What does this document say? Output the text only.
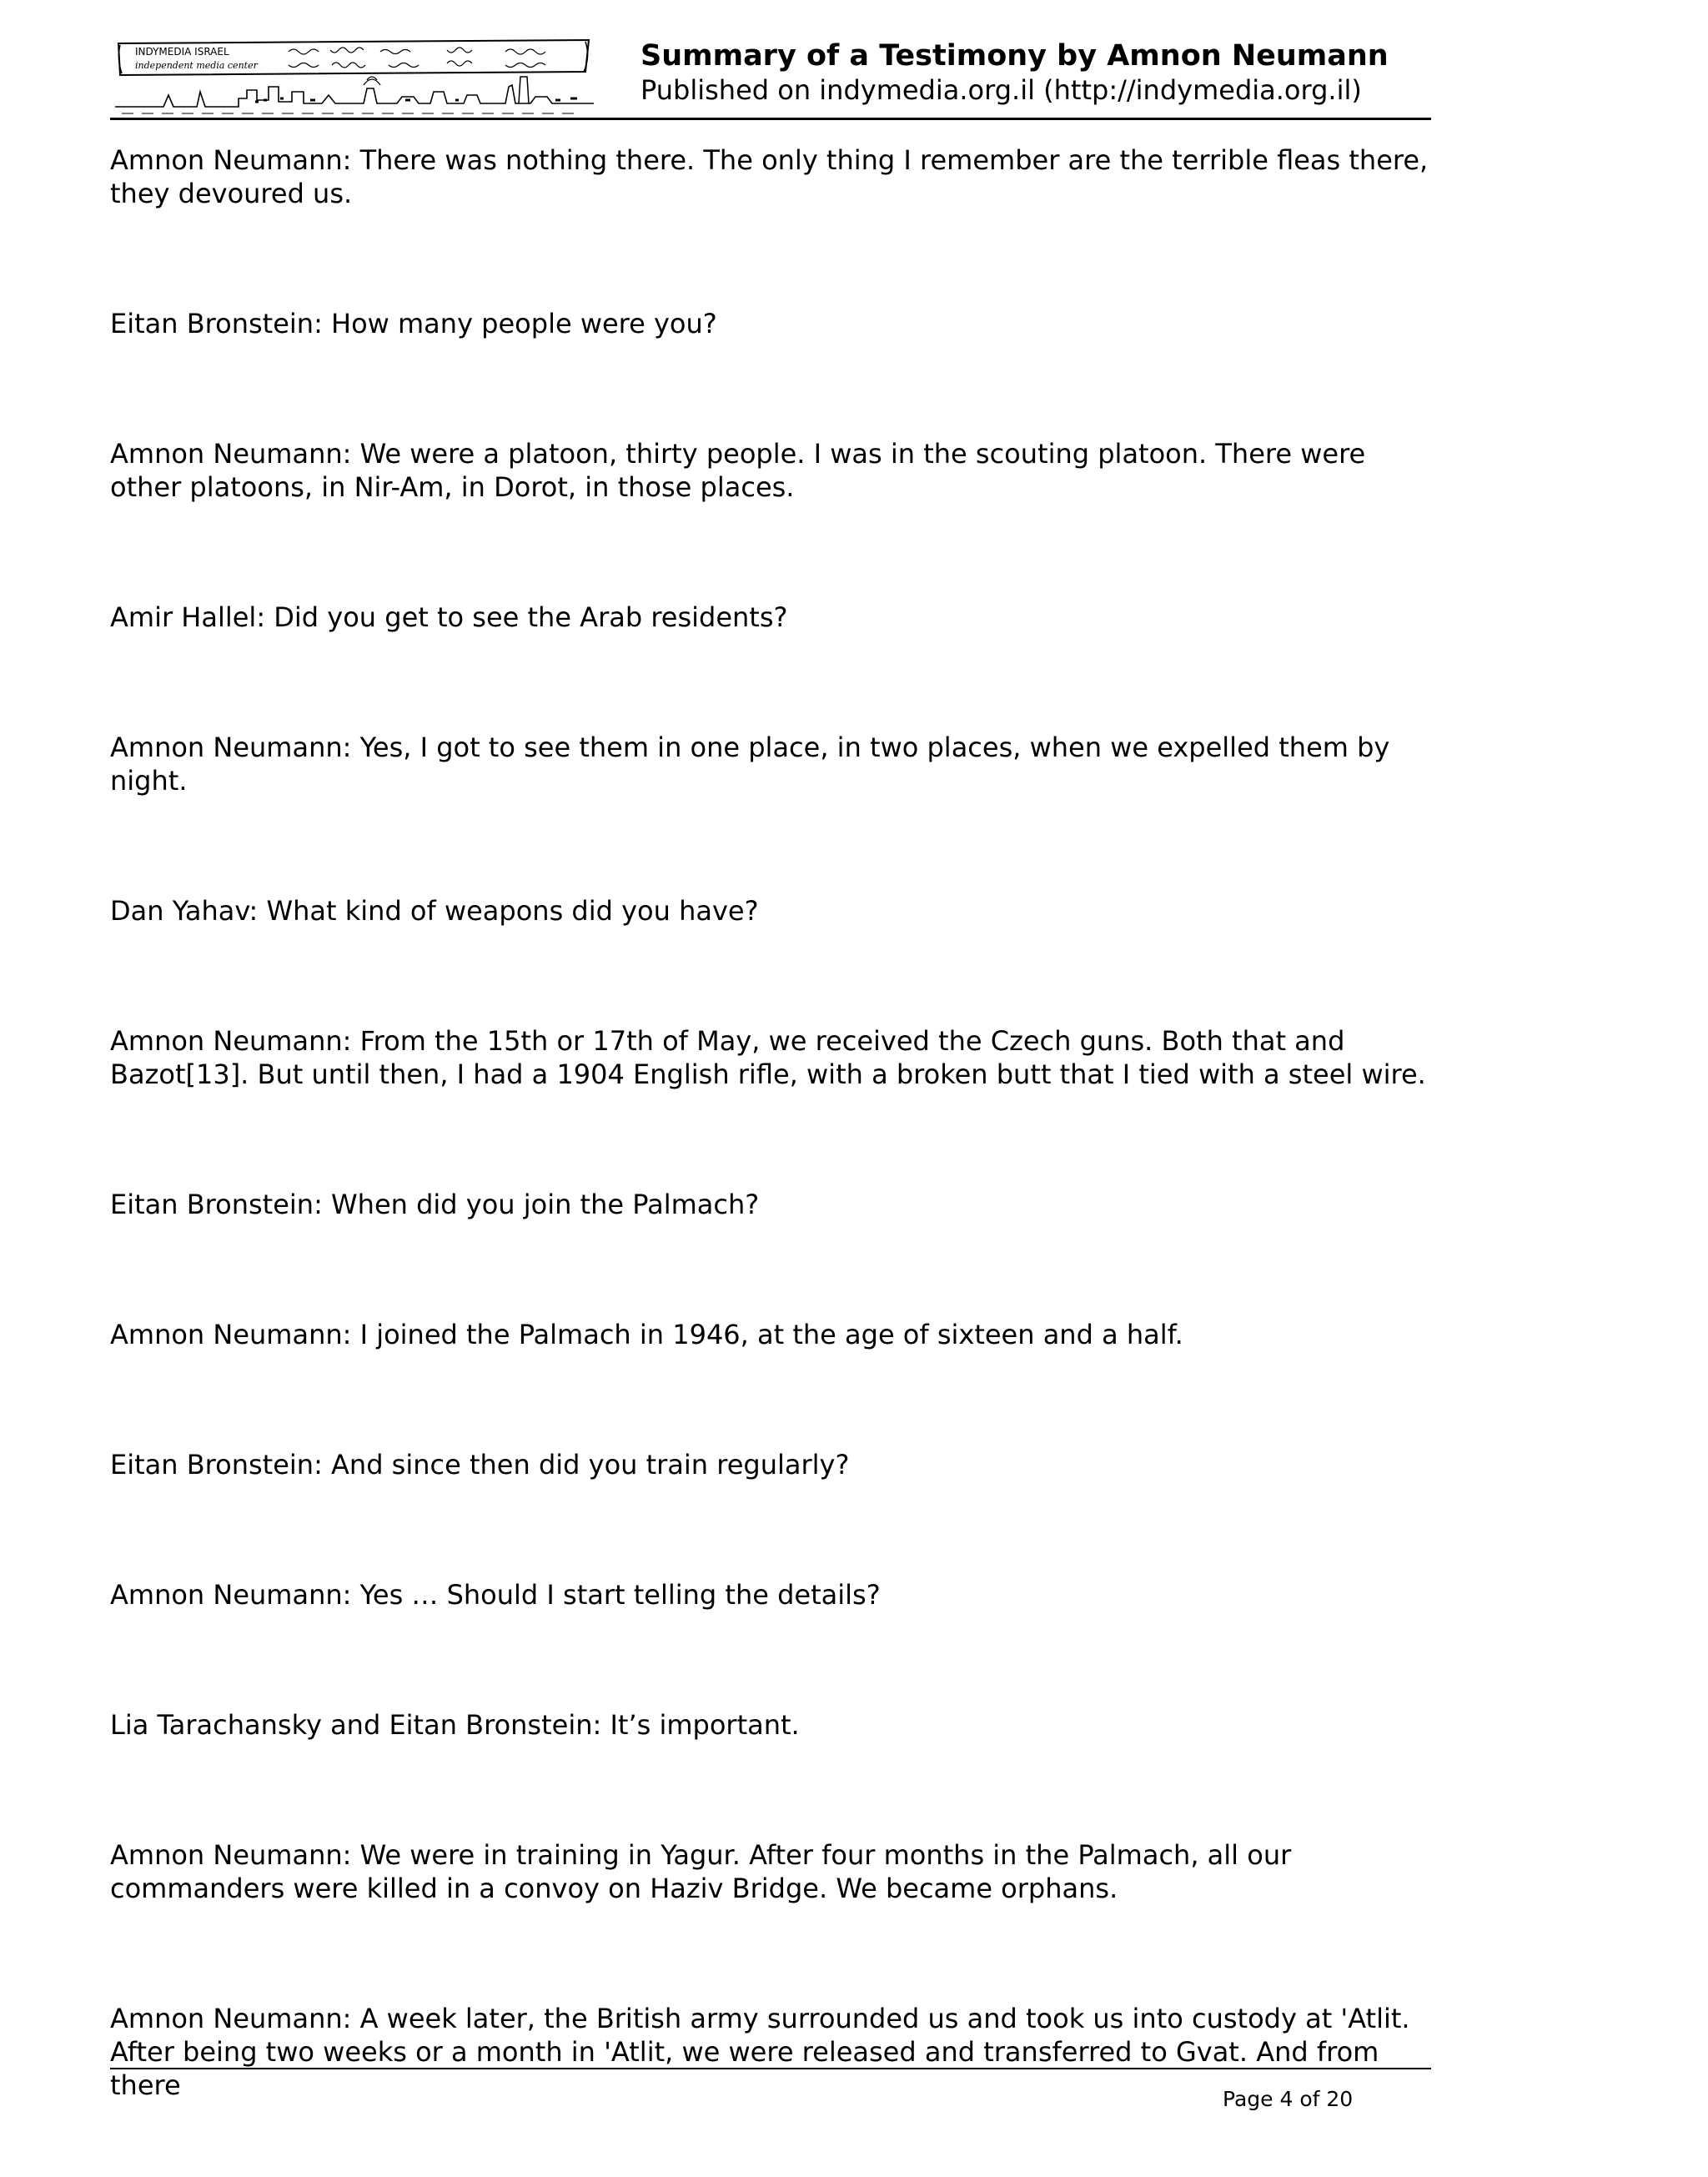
INDYMEDIA ISRAEL
independent media center	Summary of a Testimony by Amnon Neumann
Published on indymedia.org.il (http://indymedia.org.il)

Amnon Neumann: There was nothing there. The only thing I remember are the terrible fleas there, they devoured us.

Eitan Bronstein: How many people were you?

Amnon Neumann: We were a platoon, thirty people. I was in the scouting platoon. There were other platoons, in Nir-Am, in Dorot, in those places.

Amir Hallel: Did you get to see the Arab residents?

Amnon Neumann: Yes, I got to see them in one place, in two places, when we expelled them by night.

Dan Yahav: What kind of weapons did you have?

Amnon Neumann: From the 15th or 17th of May, we received the Czech guns. Both that and Bazot[13]. But until then, I had a 1904 English rifle, with a broken butt that I tied with a steel wire.

Eitan Bronstein: When did you join the Palmach?

Amnon Neumann: I joined the Palmach in 1946, at the age of sixteen and a half.

Eitan Bronstein: And since then did you train regularly?

Amnon Neumann: Yes … Should I start telling the details?

Lia Tarachansky and Eitan Bronstein: It’s important.

Amnon Neumann: We were in training in Yagur. After four months in the Palmach, all our commanders were killed in a convoy on Haziv Bridge. We became orphans.

Amnon Neumann: A week later, the British army surrounded us and took us into custody at 'Atlit. After being two weeks or a month in 'Atlit, we were released and transferred to Gvat. And from there	Page 4 of 20
